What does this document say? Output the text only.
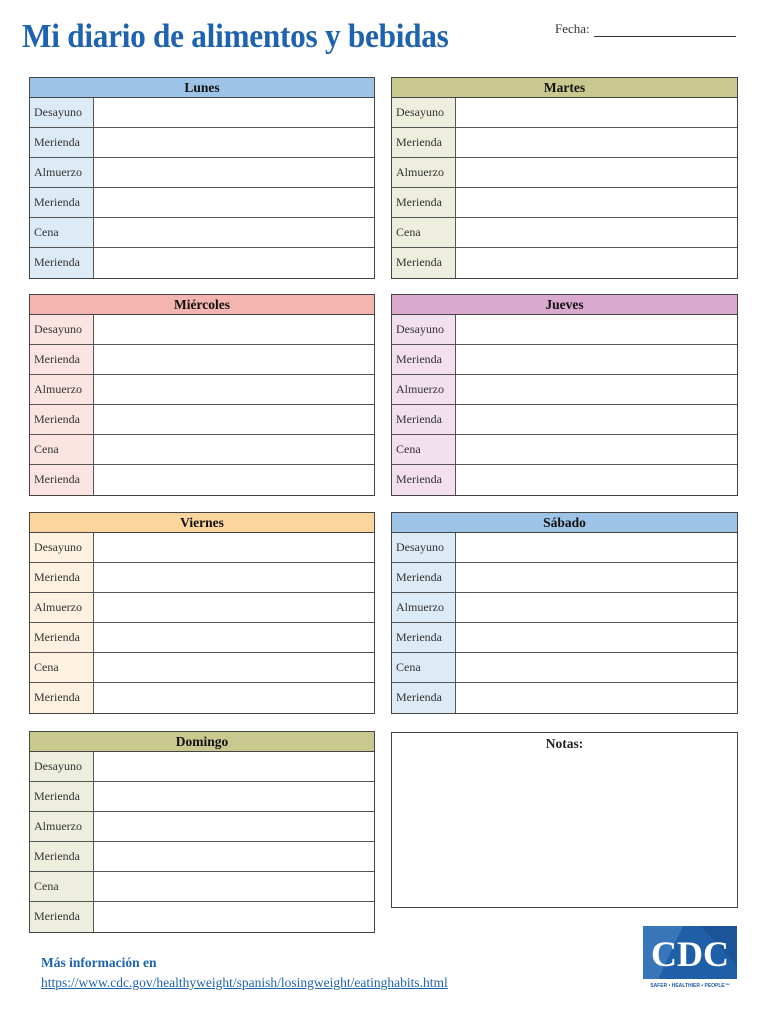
Mi diario de alimentos y bebidas	Fecha:
Lunes
Desayuno
Merienda
Almuerzo
Merienda
Cena
Merienda
Martes
Desayuno
Merienda
Almuerzo
Merienda
Cena
Merienda
Miércoles
Desayuno
Merienda
Almuerzo
Merienda
Cena
Merienda
Jueves
Desayuno
Merienda
Almuerzo
Merienda
Cena
Merienda
Viernes
Desayuno
Merienda
Almuerzo
Merienda
Cena
Merienda
Sábado
Desayuno
Merienda
Almuerzo
Merienda
Cena
Merienda
Domingo
Desayuno
Merienda
Almuerzo
Merienda
Cena
Merienda
Notas:
Más información en
https://www.cdc.gov/healthyweight/spanish/losingweight/eatinghabits.html
CDC
SAFER • HEALTHIER • PEOPLE™
